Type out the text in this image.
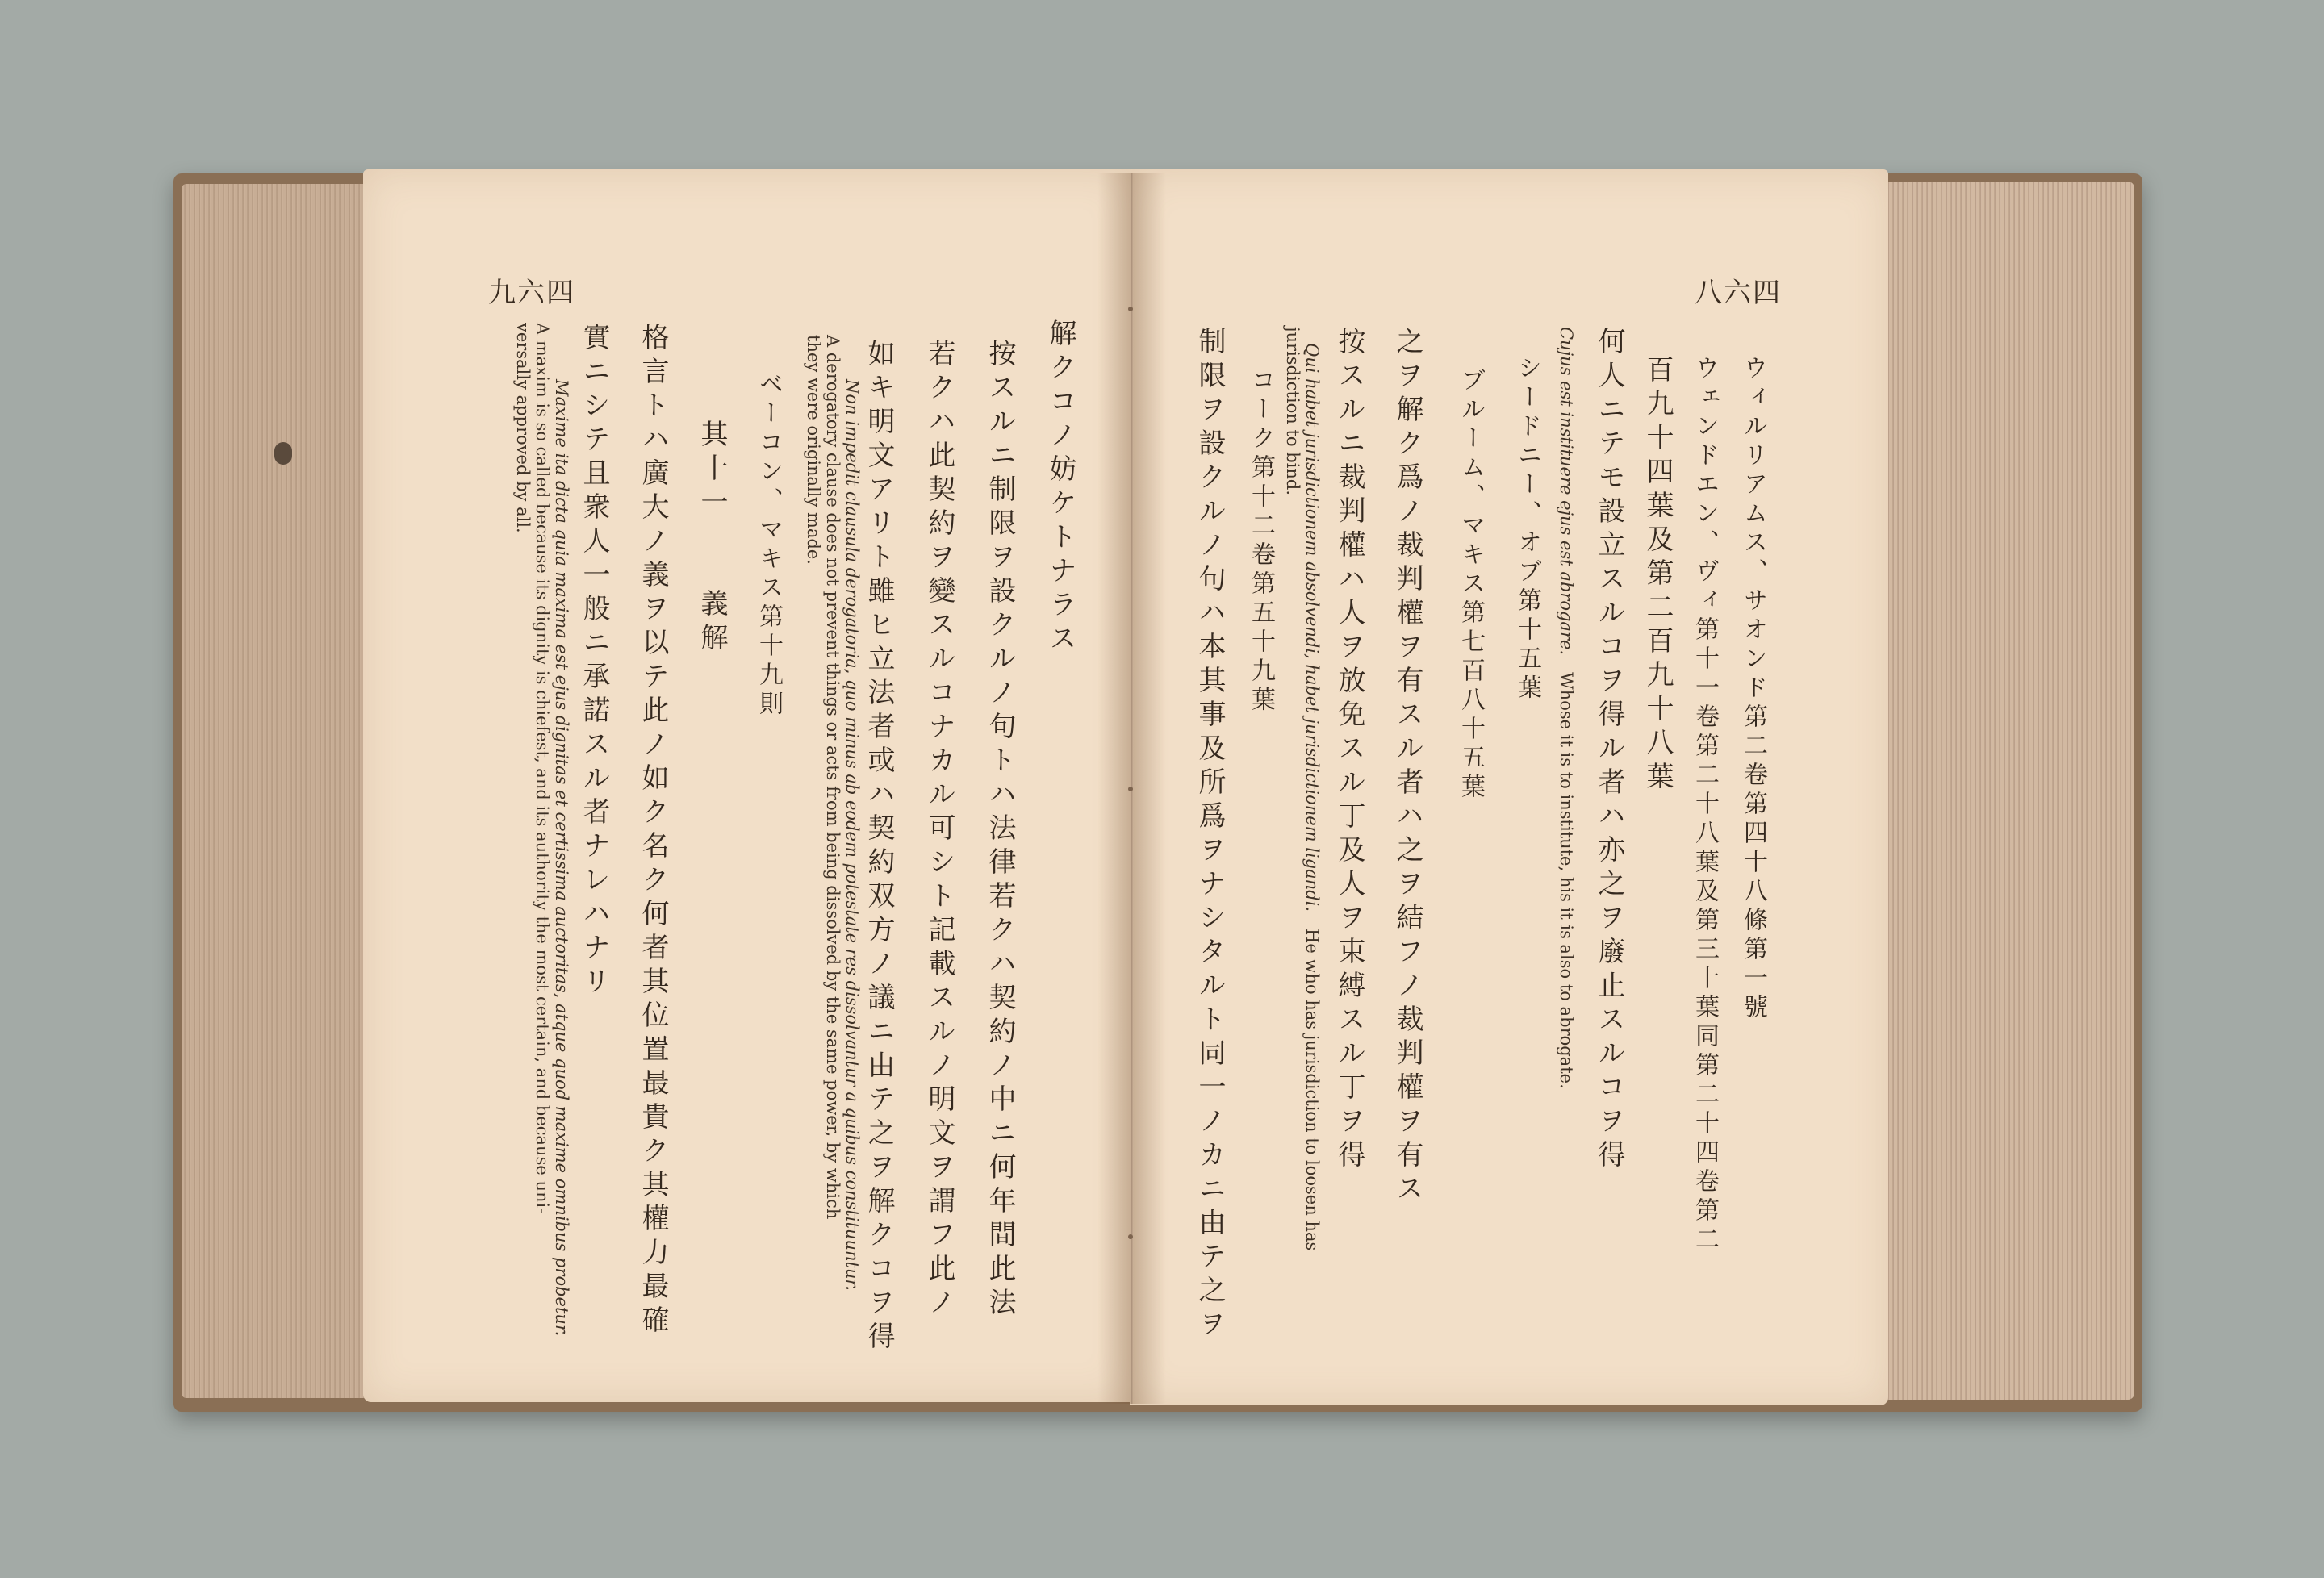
九六四
解クコノ妨ケトナラス
按スルニ制限ヲ設クルノ句トハ法律若クハ契約ノ中ニ何年間此法
若クハ此契約ヲ變スルコナカル可シト記載スルノ明文ヲ謂フ此ノ
如キ明文アリト雖ヒ立法者或ハ契約双方ノ議ニ由テ之ヲ解クコヲ得
Non impedit clausula derogatoria, quo minus ab eodem potestate res dissolvantur a quibus constituuntur.
A derogatory clause does not prevent things or acts from being dissolved by the same power, by which
they were originally made.
ベーコン、マキス第十九則
其十一　　義解
格言トハ廣大ノ義ヲ以テ此ノ如ク名ク何者其位置最貴ク其權力最確
實ニシテ且衆人一般ニ承諾スル者ナレハナリ
Maxime ita dicta quia maxima est ejus dignitas et certissima auctoritas, atque quod maxime omnibus probetur.
A maxim is so called because its dignity is chiefest, and its authority the most certain, and because uni-
versally approved by all.
八六四
ウィルリアムス、サオンド第二卷第四十八條第一號
ウェンドエン、ヴィ第十一卷第二十八葉及第三十葉同第二十四卷第二
百九十四葉及第二百九十八葉
何人ニテモ設立スルコヲ得ル者ハ亦之ヲ廢止スルコヲ得
Cujus est instituere ejus est abrogare. Whose it is to institute, his it is also to abrogate.
シードニー、オブ第十五葉
ブルーム、マキス第七百八十五葉
之ヲ解ク爲ノ裁判權ヲ有スル者ハ之ヲ結フノ裁判權ヲ有ス
按スルニ裁判權ハ人ヲ放免スル丁及人ヲ束縛スル丁ヲ得
Qui habet jurisdictionem absolvendi, habet jurisdictionem ligandi. He who has jurisdiction to loosen has
jurisdiction to bind.
コーク第十二卷第五十九葉
制限ヲ設クルノ句ハ本其事及所爲ヲナシタルト同一ノカニ由テ之ヲ
